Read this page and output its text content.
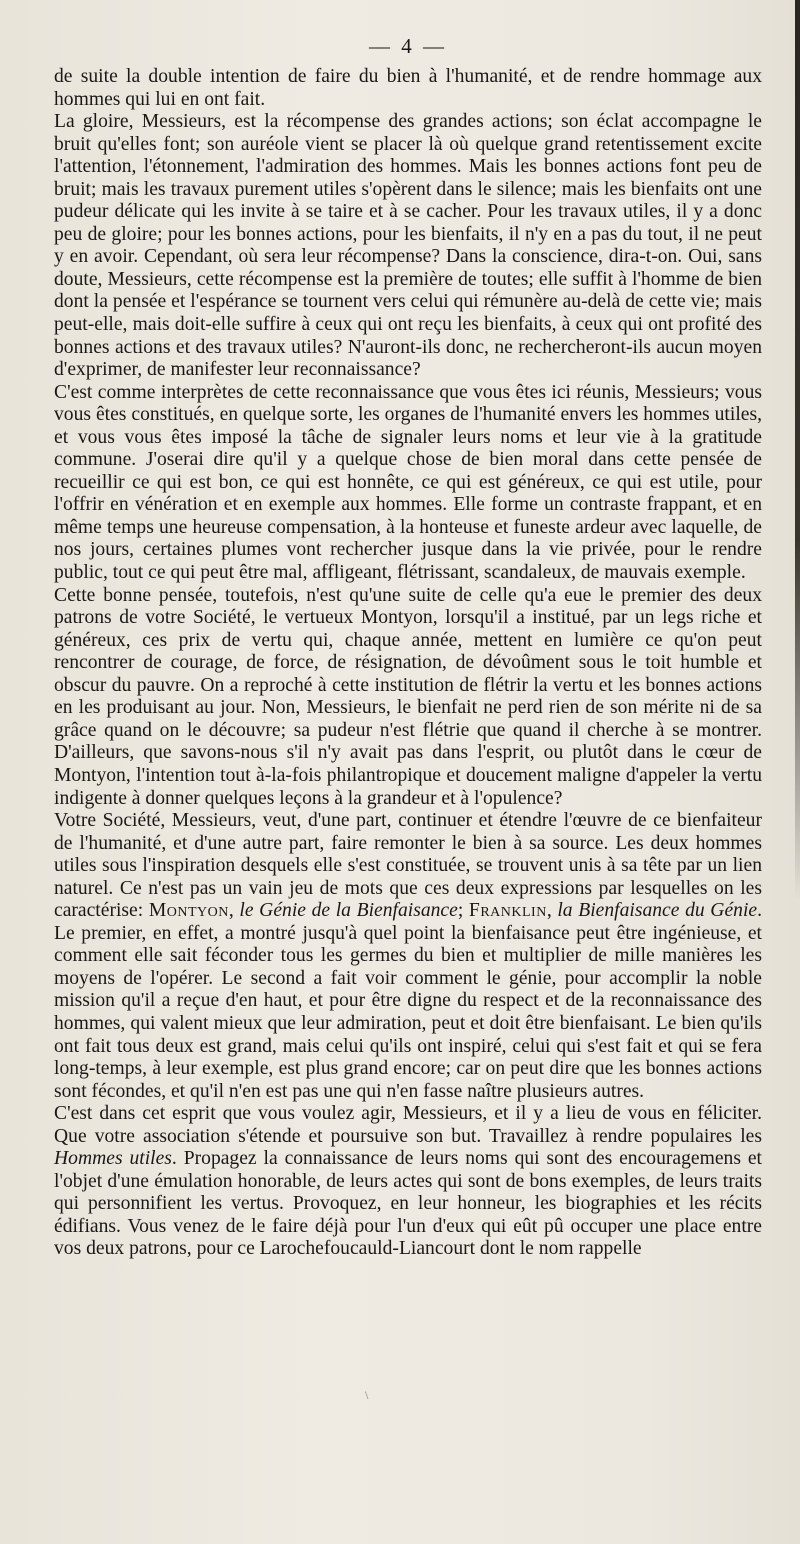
— 4 —

de suite la double intention de faire du bien à l'humanité, et de rendre hommage aux hommes qui lui en ont fait.

La gloire, Messieurs, est la récompense des grandes actions; son éclat accompagne le bruit qu'elles font; son auréole vient se placer là où quelque grand retentissement excite l'attention, l'étonnement, l'admiration des hommes. Mais les bonnes actions font peu de bruit; mais les travaux purement utiles s'opèrent dans le silence; mais les bienfaits ont une pudeur délicate qui les invite à se taire et à se cacher. Pour les travaux utiles, il y a donc peu de gloire; pour les bonnes actions, pour les bienfaits, il n'y en a pas du tout, il ne peut y en avoir. Cependant, où sera leur récompense? Dans la conscience, dira-t-on. Oui, sans doute, Messieurs, cette récompense est la première de toutes; elle suffit à l'homme de bien dont la pensée et l'espérance se tournent vers celui qui rémunère au-delà de cette vie; mais peut-elle, mais doit-elle suffire à ceux qui ont reçu les bienfaits, à ceux qui ont profité des bonnes actions et des travaux utiles? N'auront-ils donc, ne rechercheront-ils aucun moyen d'exprimer, de manifester leur reconnaissance?

C'est comme interprètes de cette reconnaissance que vous êtes ici réunis, Messieurs; vous vous êtes constitués, en quelque sorte, les organes de l'humanité envers les hommes utiles, et vous vous êtes imposé la tâche de signaler leurs noms et leur vie à la gratitude commune. J'oserai dire qu'il y a quelque chose de bien moral dans cette pensée de recueillir ce qui est bon, ce qui est honnête, ce qui est généreux, ce qui est utile, pour l'offrir en vénération et en exemple aux hommes. Elle forme un contraste frappant, et en même temps une heureuse compensation, à la honteuse et funeste ardeur avec laquelle, de nos jours, certaines plumes vont rechercher jusque dans la vie privée, pour le rendre public, tout ce qui peut être mal, affligeant, flétrissant, scandaleux, de mauvais exemple.

Cette bonne pensée, toutefois, n'est qu'une suite de celle qu'a eue le premier des deux patrons de votre Société, le vertueux Montyon, lorsqu'il a institué, par un legs riche et généreux, ces prix de vertu qui, chaque année, mettent en lumière ce qu'on peut rencontrer de courage, de force, de résignation, de dévoûment sous le toit humble et obscur du pauvre. On a reproché à cette institution de flétrir la vertu et les bonnes actions en les produisant au jour. Non, Messieurs, le bienfait ne perd rien de son mérite ni de sa grâce quand on le découvre; sa pudeur n'est flétrie que quand il cherche à se montrer. D'ailleurs, que savons-nous s'il n'y avait pas dans l'esprit, ou plutôt dans le cœur de Montyon, l'intention tout à-la-fois philantropique et doucement maligne d'appeler la vertu indigente à donner quelques leçons à la grandeur et à l'opulence?

Votre Société, Messieurs, veut, d'une part, continuer et étendre l'œuvre de ce bienfaiteur de l'humanité, et d'une autre part, faire remonter le bien à sa source. Les deux hommes utiles sous l'inspiration desquels elle s'est constituée, se trouvent unis à sa tête par un lien naturel. Ce n'est pas un vain jeu de mots que ces deux expressions par lesquelles on les caractérise: Montyon, le Génie de la Bienfaisance; Franklin, la Bienfaisance du Génie. Le premier, en effet, a montré jusqu'à quel point la bienfaisance peut être ingénieuse, et comment elle sait féconder tous les germes du bien et multiplier de mille manières les moyens de l'opérer. Le second a fait voir comment le génie, pour accomplir la noble mission qu'il a reçue d'en haut, et pour être digne du respect et de la reconnaissance des hommes, qui valent mieux que leur admiration, peut et doit être bienfaisant. Le bien qu'ils ont fait tous deux est grand, mais celui qu'ils ont inspiré, celui qui s'est fait et qui se fera long-temps, à leur exemple, est plus grand encore; car on peut dire que les bonnes actions sont fécondes, et qu'il n'en est pas une qui n'en fasse naître plusieurs autres.

C'est dans cet esprit que vous voulez agir, Messieurs, et il y a lieu de vous en féliciter. Que votre association s'étende et poursuive son but. Travaillez à rendre populaires les Hommes utiles. Propagez la connaissance de leurs noms qui sont des encouragemens et l'objet d'une émulation honorable, de leurs actes qui sont de bons exemples, de leurs traits qui personnifient les vertus. Provoquez, en leur honneur, les biographies et les récits édifians. Vous venez de le faire déjà pour l'un d'eux qui eût pû occuper une place entre vos deux patrons, pour ce Larochefoucauld-Liancourt dont le nom rappelle

\
